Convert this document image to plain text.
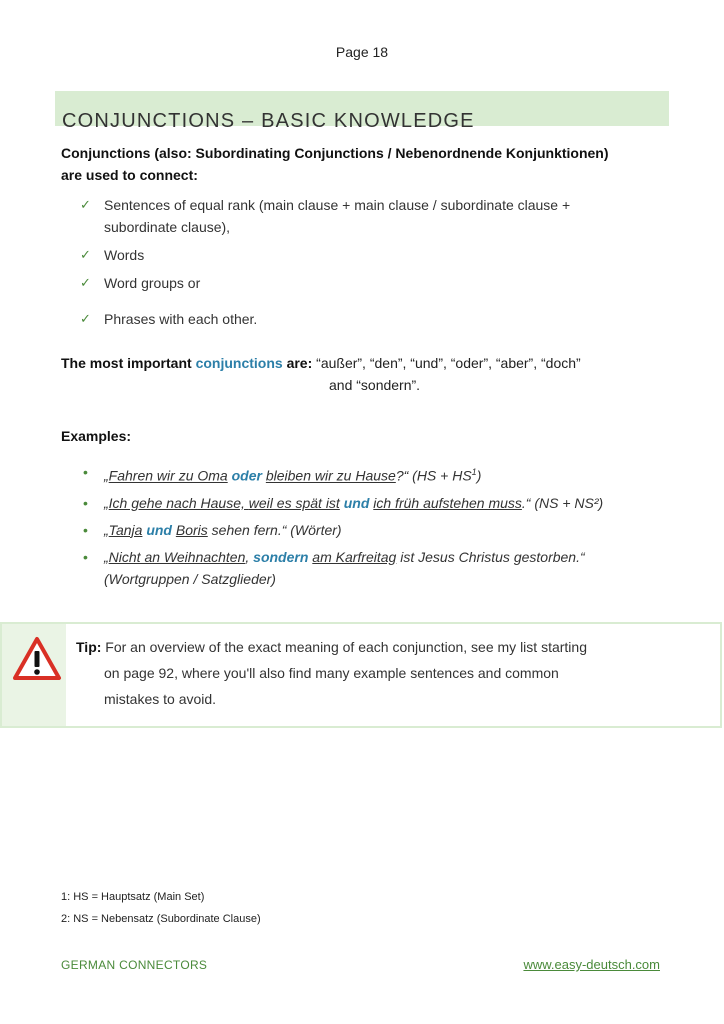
Page 18
CONJUNCTIONS – BASIC KNOWLEDGE
Conjunctions (also: Subordinating Conjunctions / Nebenordnende Konjunktionen)
are used to connect:
✓ Sentences of equal rank (main clause + main clause / subordinate clause +
subordinate clause),
✓ Words
✓ Word groups or
✓ Phrases with each other.
The most important conjunctions are: “außer”, “den”, “und”, “oder”, “aber”, “doch”
and “sondern”.
Examples:
• „Fahren wir zu Oma oder bleiben wir zu Hause?“ $(HS + HS^1)$
• „Ich gehe nach Hause, weil es spät ist und ich früh aufstehen muss.“ (NS + NS²)
• „Tanja und Boris sehen fern.“ (Wörter)
• „Nicht an Weihnachten, sondern am Karfreitag ist Jesus Christus gestorben.“
(Wortgruppen / Satzglieder)
Tip: For an overview of the exact meaning of each conjunction, see my list starting
on page 92, where you'll also find many example sentences and common
mistakes to avoid.
1: HS = Hauptsatz (Main Set)
2: NS = Nebensatz (Subordinate Clause)
GERMAN CONNECTORS	www.easy-deutsch.com
